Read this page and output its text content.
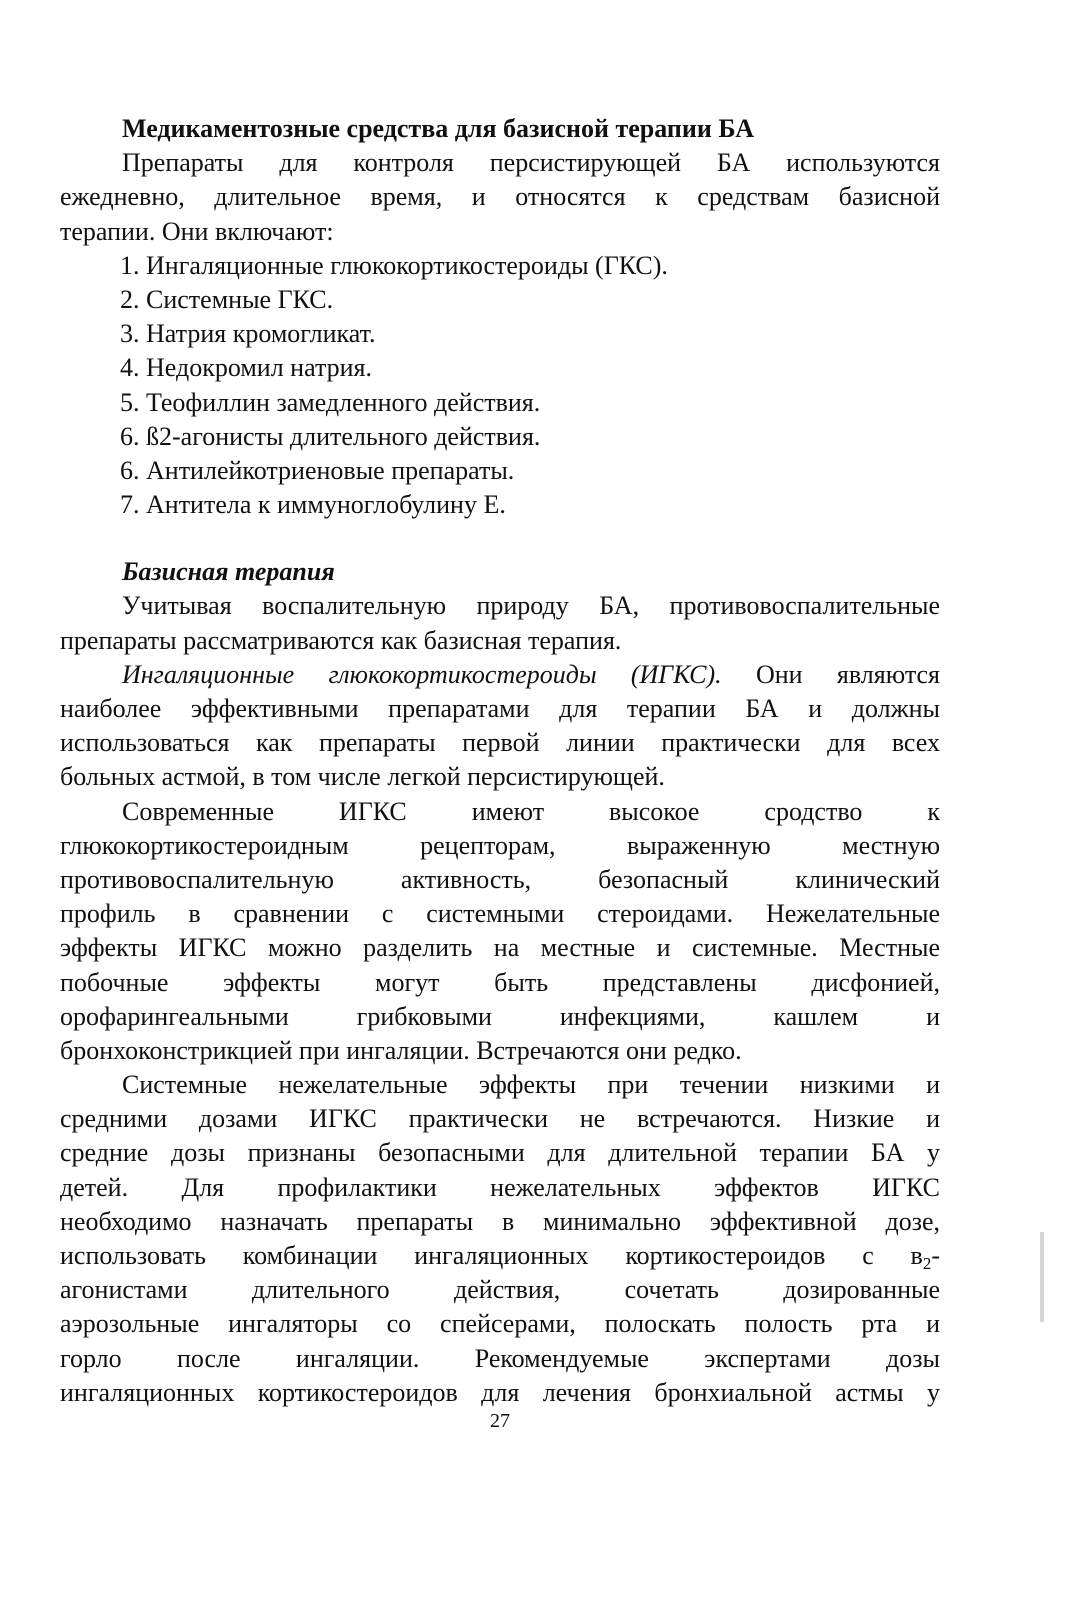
Медикаментозные средства для базисной терапии БА
Препараты для контроля персистирующей БА используются
ежедневно, длительное время, и относятся к средствам базисной
терапии. Они включают:
1. Ингаляционные глюкокортикостероиды (ГКС).
2. Системные ГКС.
3. Натрия кромогликат.
4. Недокромил натрия.
5. Теофиллин замедленного действия.
6. ß2-агонисты длительного действия.
6. Антилейкотриеновые препараты.
7. Антитела к иммуноглобулину Е.
Базисная терапия
Учитывая воспалительную природу БА, противовоспалительные
препараты рассматриваются как базисная терапия.
Ингаляционные глюкокортикостероиды (ИГКС). Они являются
наиболее эффективными препаратами для терапии БА и должны
использоваться как препараты первой линии практически для всех
больных астмой, в том числе легкой персистирующей.
Современные ИГКС имеют высокое сродство к
глюкокортикостероидным рецепторам, выраженную местную
противовоспалительную активность, безопасный клинический
профиль в сравнении с системными стероидами. Нежелательные
эффекты ИГКС можно разделить на местные и системные. Местные
побочные эффекты могут быть представлены дисфонией,
орофарингеальными грибковыми инфекциями, кашлем и
бронхоконстрикцией при ингаляции. Встречаются они редко.
Системные нежелательные эффекты при течении низкими и
средними дозами ИГКС практически не встречаются. Низкие и
средние дозы признаны безопасными для длительной терапии БА у
детей. Для профилактики нежелательных эффектов ИГКС
необходимо назначать препараты в минимально эффективной дозе,
использовать комбинации ингаляционных кортикостероидов с $в_2-$
агонистами длительного действия, сочетать дозированные
аэрозольные ингаляторы со спейсерами, полоскать полость рта и
горло после ингаляции. Рекомендуемые экспертами дозы
ингаляционных кортикостероидов для лечения бронхиальной астмы у
27
